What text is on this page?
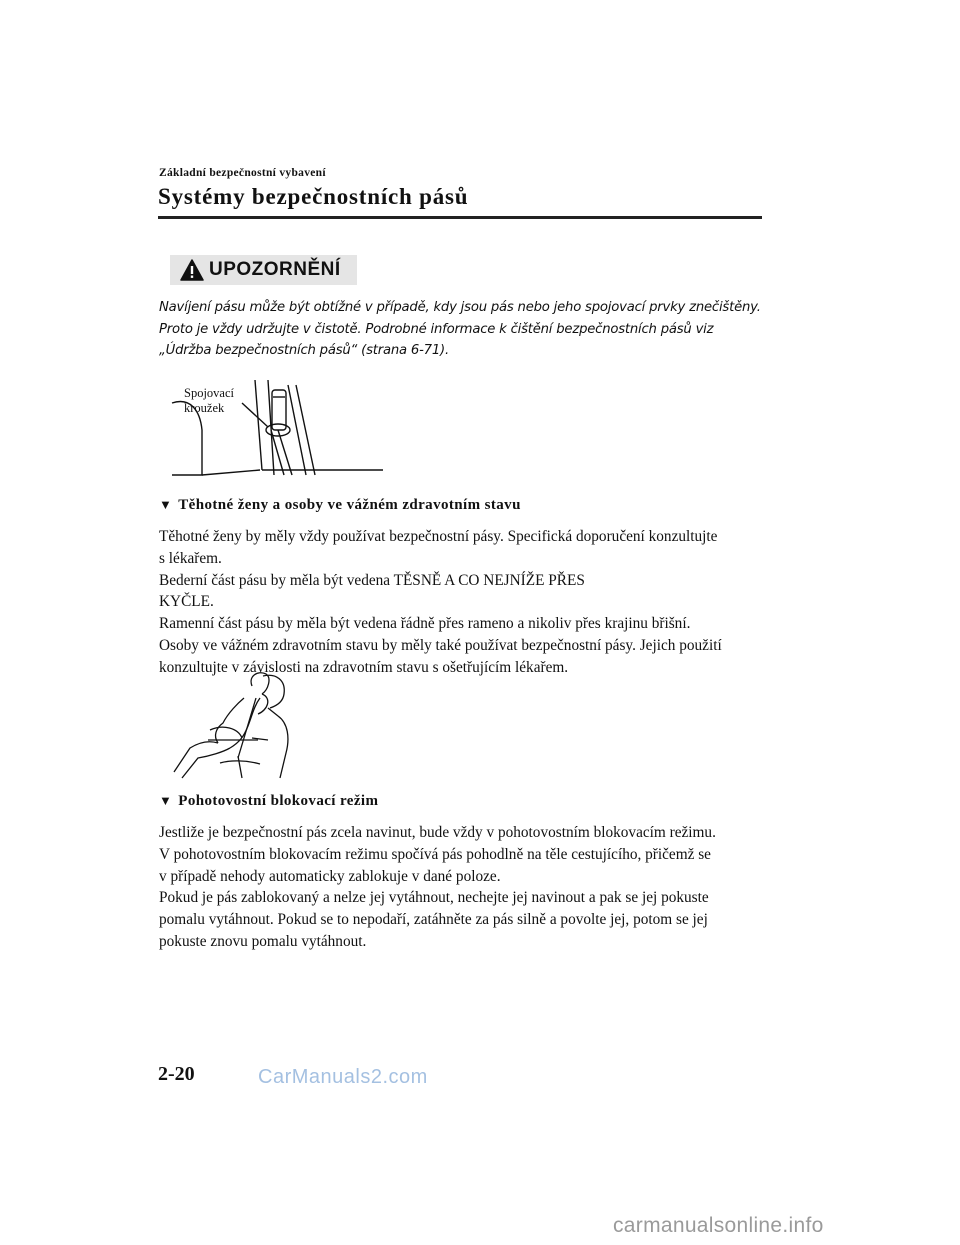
Základní bezpečnostní vybavení
Systémy bezpečnostních pásů
UPOZORNĚNÍ

Navíjení pásu může být obtížné v případě, kdy jsou pás nebo jeho spojovací prvky znečištěny.

Proto je vždy udržujte v čistotě. Podrobné informace k čištění bezpečnostních pásů viz

„Údržba bezpečnostních pásů“ (strana 6-71).

Spojovací
kroužek
▼ Těhotné ženy a osoby ve vážném zdravotním stavu

Těhotné ženy by měly vždy používat bezpečnostní pásy. Specifická doporučení konzultujte

s lékařem.

Bederní část pásu by měla být vedena TĚSNĚ A CO NEJNÍŽE PŘES

KYČLE.

Ramenní část pásu by měla být vedena řádně přes rameno a nikoliv přes krajinu břišní.

Osoby ve vážném zdravotním stavu by měly také používat bezpečnostní pásy. Jejich použití

konzultujte v závislosti na zdravotním stavu s ošetřujícím lékařem.

▼ Pohotovostní blokovací režim

Jestliže je bezpečnostní pás zcela navinut, bude vždy v pohotovostním blokovacím režimu.

V pohotovostním blokovacím režimu spočívá pás pohodlně na těle cestujícího, přičemž se

v případě nehody automaticky zablokuje v dané poloze.

Pokud je pás zablokovaný a nelze jej vytáhnout, nechejte jej navinout a pak se jej pokuste

pomalu vytáhnout. Pokud se to nepodaří, zatáhněte za pás silně a povolte jej, potom se jej

pokuste znovu pomalu vytáhnout.

2-20	CarManuals2.com
carmanualsonline.info
